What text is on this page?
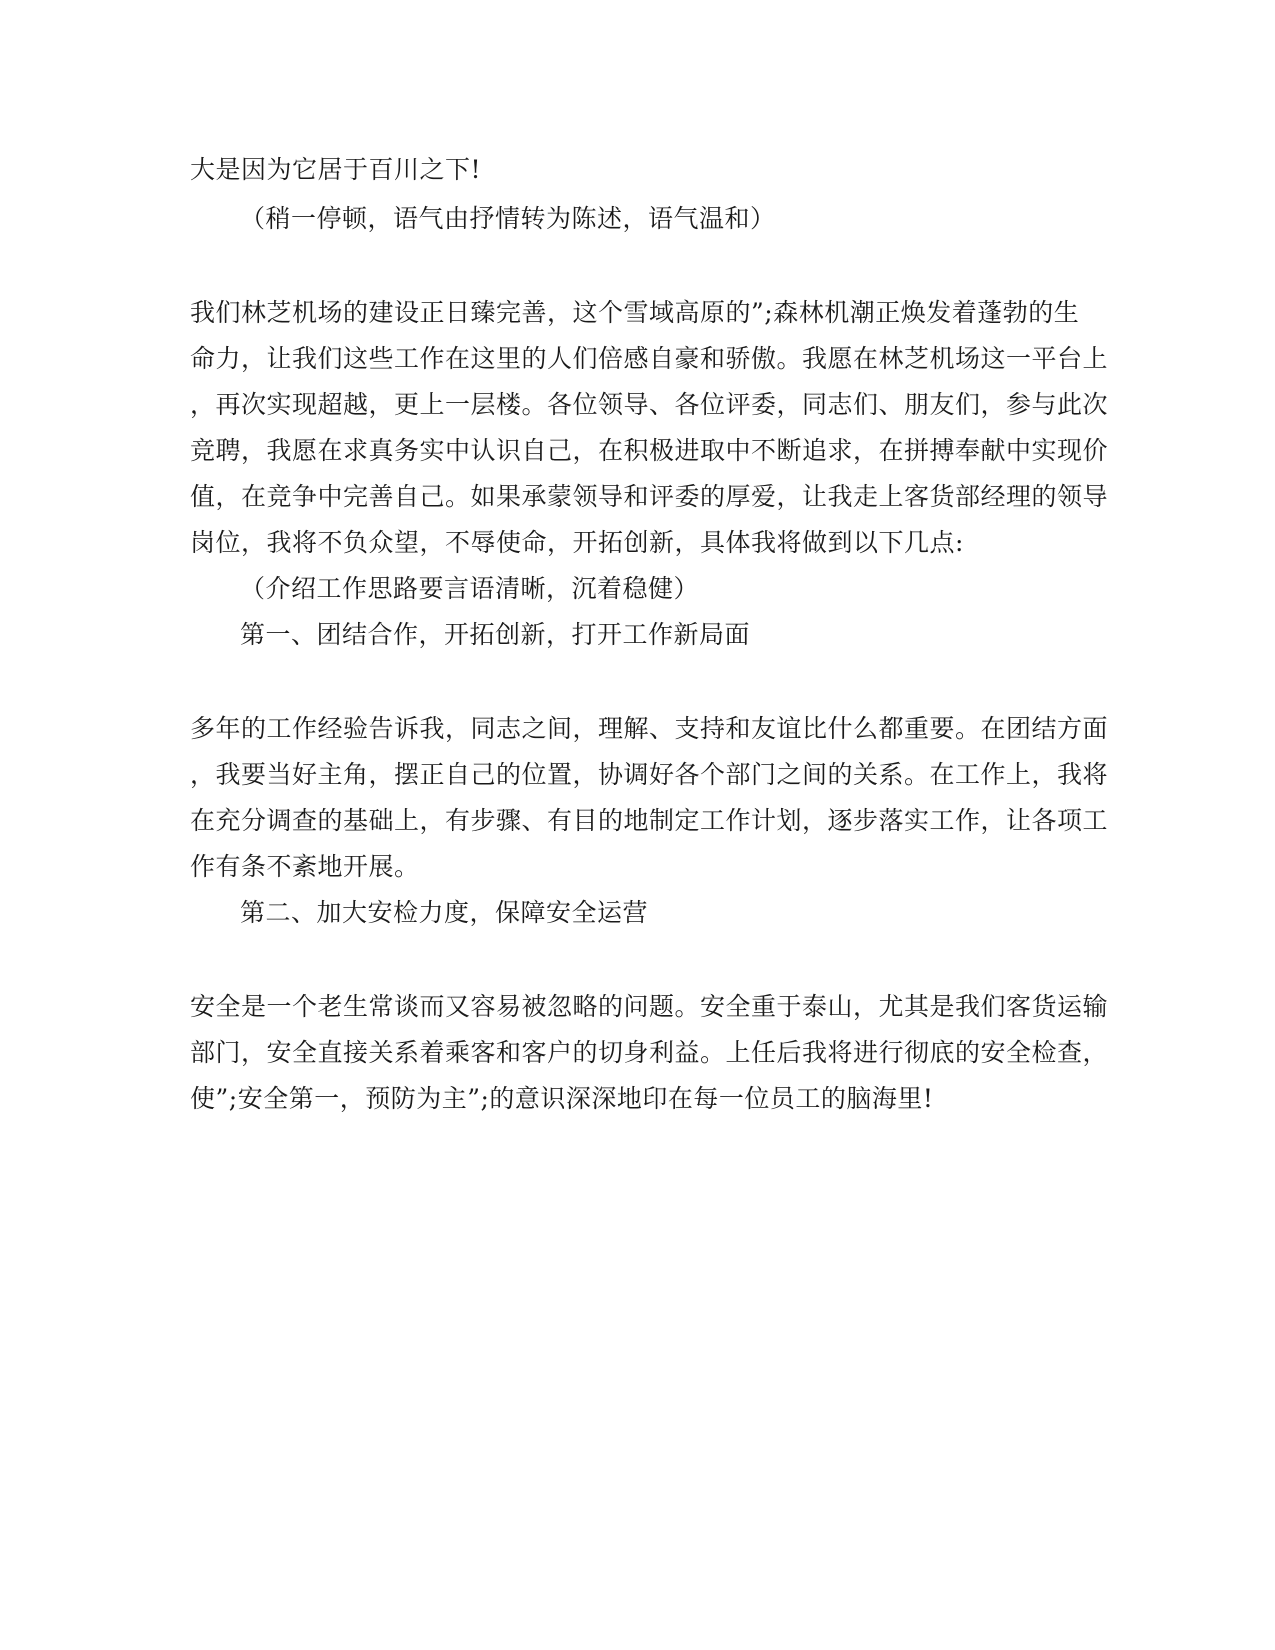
大是因为它居于百川之下!

（稍一停顿，语气由抒情转为陈述，语气温和）

我们林芝机场的建设正日臻完善，这个雪域高原的”;森林机潮正焕发着蓬勃的生

命力，让我们这些工作在这里的人们倍感自豪和骄傲。我愿在林芝机场这一平台上

，再次实现超越，更上一层楼。各位领导、各位评委，同志们、朋友们，参与此次

竞聘，我愿在求真务实中认识自己，在积极进取中不断追求，在拼搏奉献中实现价

值，在竞争中完善自己。如果承蒙领导和评委的厚爱，让我走上客货部经理的领导

岗位，我将不负众望，不辱使命，开拓创新，具体我将做到以下几点:

（介绍工作思路要言语清晰，沉着稳健）

第一、团结合作，开拓创新，打开工作新局面

多年的工作经验告诉我，同志之间，理解、支持和友谊比什么都重要。在团结方面

，我要当好主角，摆正自己的位置，协调好各个部门之间的关系。在工作上，我将

在充分调查的基础上，有步骤、有目的地制定工作计划，逐步落实工作，让各项工

作有条不紊地开展。

第二、加大安检力度，保障安全运营

安全是一个老生常谈而又容易被忽略的问题。安全重于泰山，尤其是我们客货运输

部门，安全直接关系着乘客和客户的切身利益。上任后我将进行彻底的安全检查，

使”;安全第一，预防为主”;的意识深深地印在每一位员工的脑海里!
